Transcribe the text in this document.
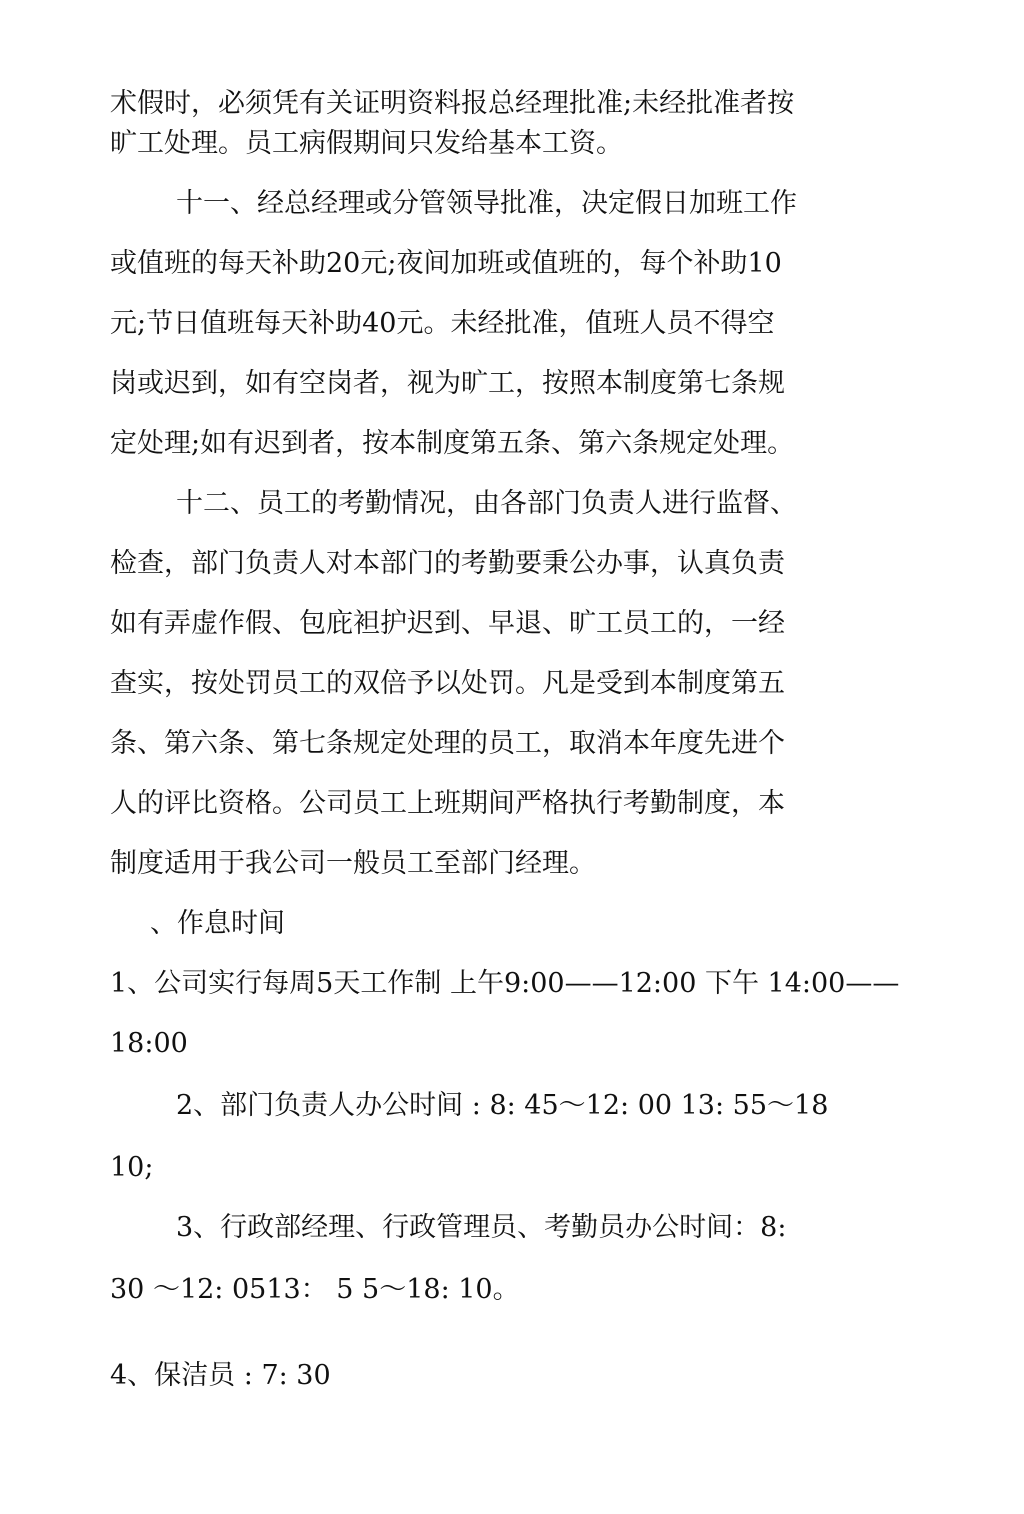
术假时，必须凭有关证明资料报总经理批准;未经批准者按
旷工处理。员工病假期间只发给基本工资。
十一、经总经理或分管领导批准，决定假日加班工作
或值班的每天补助20元;夜间加班或值班的，每个补助10
元;节日值班每天补助40元。未经批准，值班人员不得空
岗或迟到，如有空岗者，视为旷工，按照本制度第七条规
定处理;如有迟到者，按本制度第五条、第六条规定处理。
十二、员工的考勤情况，由各部门负责人进行监督、
检查，部门负责人对本部门的考勤要秉公办事，认真负责
如有弄虚作假、包庇袒护迟到、早退、旷工员工的，一经
查实，按处罚员工的双倍予以处罚。凡是受到本制度第五
条、第六条、第七条规定处理的员工，取消本年度先进个
人的评比资格。公司员工上班期间严格执行考勤制度，本
制度适用于我公司一般员工至部门经理。
、作息时间
1、公司实行每周5天工作制 上午9:00——12:00 下午 14:00——
18:00
2、部门负责人办公时间 : 8: 45～12: 00 13: 55～18
10;
3、行政部经理、行政管理员、考勤员办公时间：8:
30 ～12: 0513： 5 5～18: 10。
4、保洁员 : 7: 30
